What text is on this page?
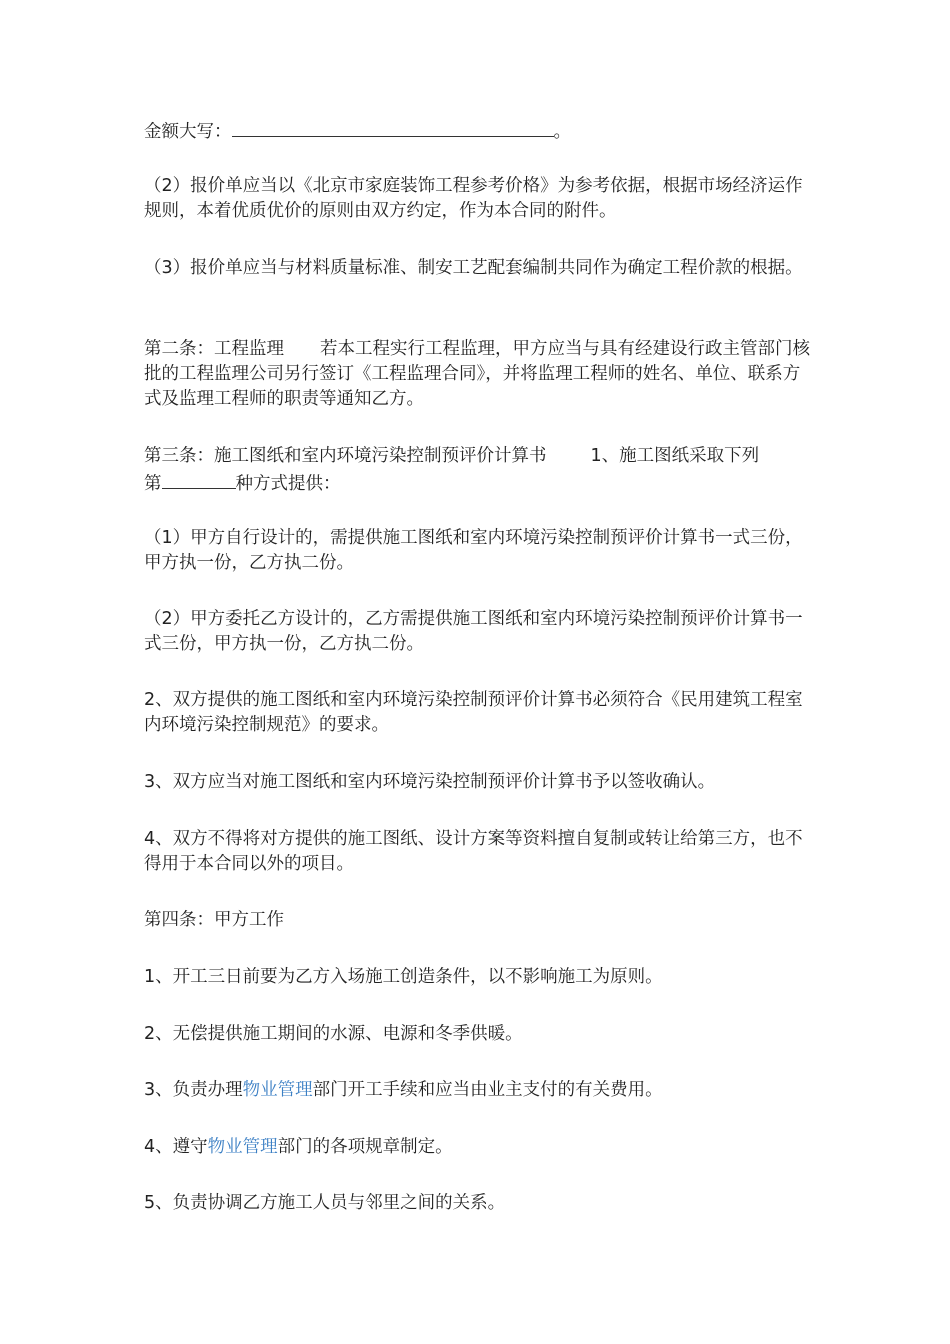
金额大写：	。
（2）报价单应当以《北京市家庭装饰工程参考价格》为参考依据，根据市场经济运作规则，本着优质优价的原则由双方约定，作为本合同的附件。
（3）报价单应当与材料质量标准、制安工艺配套编制共同作为确定工程价款的根据。
第二条：工程监理 若本工程实行工程监理，甲方应当与具有经建设行政主管部门核批的工程监理公司另行签订《工程监理合同》，并将监理工程师的姓名、单位、联系方式及监理工程师的职责等通知乙方。
第三条：施工图纸和室内环境污染控制预评价计算书	1、施工图纸采取下列
第	种方式提供：
（1）甲方自行设计的，需提供施工图纸和室内环境污染控制预评价计算书一式三份，甲方执一份，乙方执二份。
（2）甲方委托乙方设计的，乙方需提供施工图纸和室内环境污染控制预评价计算书一式三份，甲方执一份，乙方执二份。
2、双方提供的施工图纸和室内环境污染控制预评价计算书必须符合《民用建筑工程室内环境污染控制规范》的要求。
3、双方应当对施工图纸和室内环境污染控制预评价计算书予以签收确认。
4、双方不得将对方提供的施工图纸、设计方案等资料擅自复制或转让给第三方，也不得用于本合同以外的项目。
第四条：甲方工作
1、开工三日前要为乙方入场施工创造条件，以不影响施工为原则。
2、无偿提供施工期间的水源、电源和冬季供暖。
3、负责办理物业管理部门开工手续和应当由业主支付的有关费用。
4、遵守物业管理部门的各项规章制定。
5、负责协调乙方施工人员与邻里之间的关系。
